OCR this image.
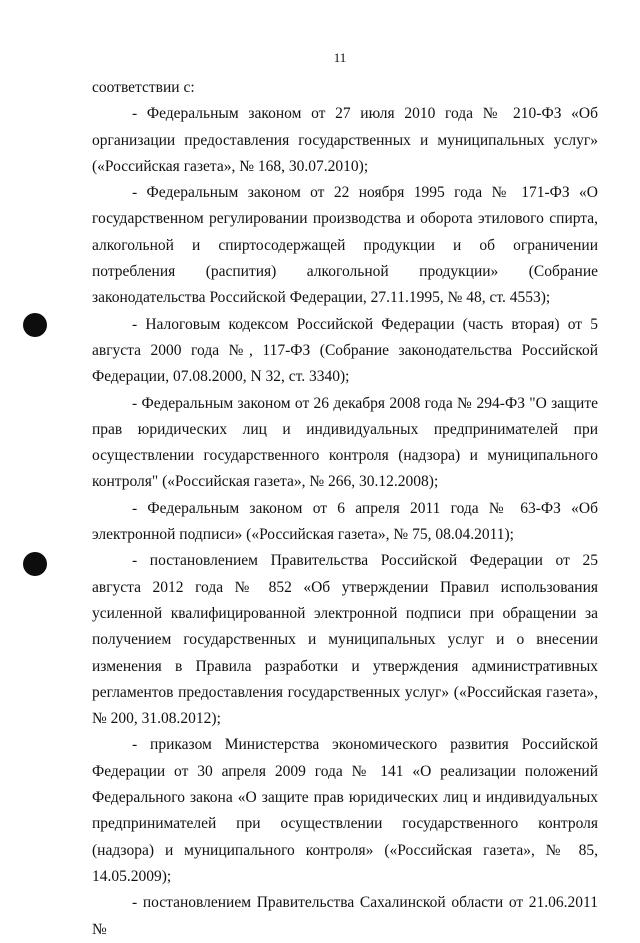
11

соответствии с:

- Федеральным законом от 27 июля 2010 года № 210-ФЗ «Об организации предоставления государственных и муниципальных услуг» («Российская газета», № 168, 30.07.2010);

- Федеральным законом от 22 ноября 1995 года № 171-ФЗ «О государственном регулировании производства и оборота этилового спирта, алкогольной и спиртосодержащей продукции и об ограничении потребления (распития) алкогольной продукции» (Собрание законодательства Российской Федерации, 27.11.1995, № 48, ст. 4553);

- Налоговым кодексом Российской Федерации (часть вторая) от 5 августа 2000 года №, 117-ФЗ (Собрание законодательства Российской Федерации, 07.08.2000, N 32, ст. 3340);

- Федеральным законом от 26 декабря 2008 года № 294-ФЗ "О защите прав юридических лиц и индивидуальных предпринимателей при осуществлении государственного контроля (надзора) и муниципального контроля" («Российская газета», № 266, 30.12.2008);

- Федеральным законом от 6 апреля 2011 года № 63-ФЗ «Об электронной подписи» («Российская газета», № 75, 08.04.2011);

- постановлением Правительства Российской Федерации от 25 августа 2012 года № 852 «Об утверждении Правил использования усиленной квалифицированной электронной подписи при обращении за получением государственных и муниципальных услуг и о внесении изменения в Правила разработки и утверждения административных регламентов предоставления государственных услуг» («Российская газета», № 200, 31.08.2012);

- приказом Министерства экономического развития Российской Федерации от 30 апреля 2009 года № 141 «О реализации положений Федерального закона «О защите прав юридических лиц и индивидуальных предпринимателей при осуществлении государственного контроля (надзора) и муниципального контроля» («Российская газета», № 85, 14.05.2009);

- постановлением Правительства Сахалинской области от 21.06.2011 №
